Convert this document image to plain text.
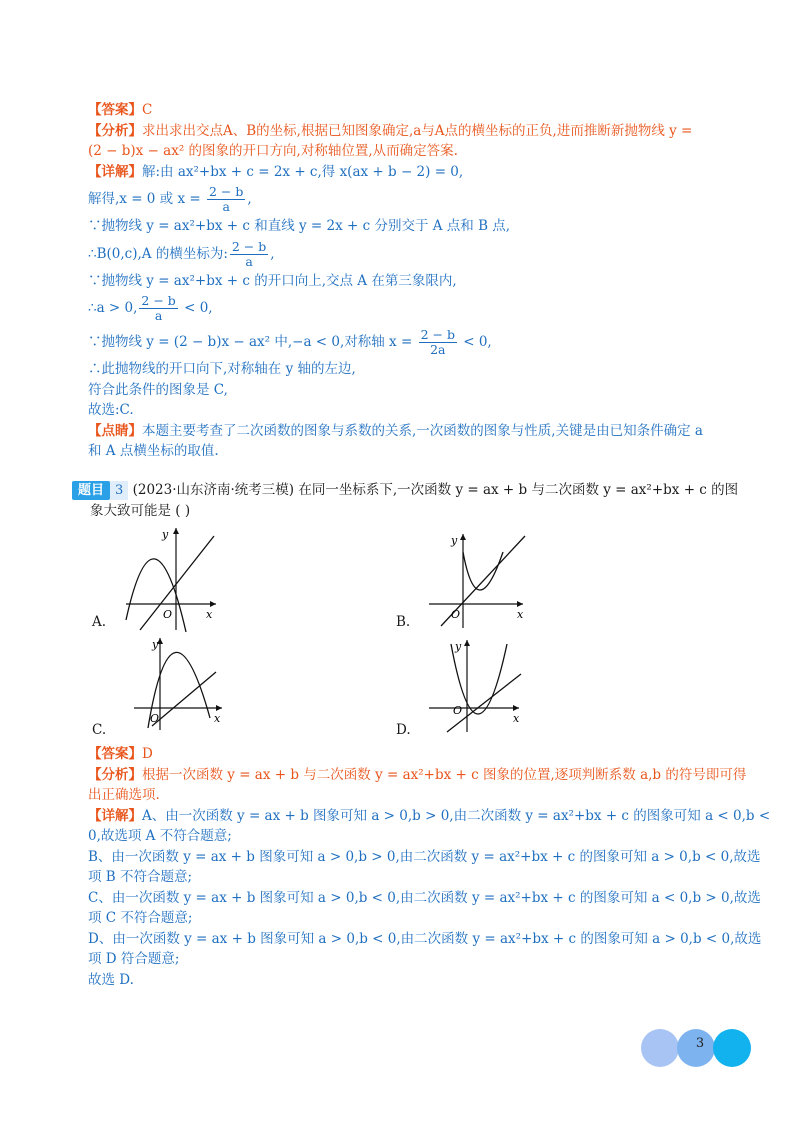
【答案】C
【分析】求出求出交点A、B的坐标,根据已知图象确定,a与A点的横坐标的正负,进而推断新抛物线 y =
(2 − b)x − ax² 的图象的开口方向,对称轴位置,从而确定答案.
【详解】解:由 ax²+bx + c = 2x + c,得 x(ax + b − 2) = 0,
解得,x = 0 或 $x = \frac{2 - b}{a}$ ,
∵抛物线 y = ax²+bx + c 和直线 y = 2x + c 分别交于 A 点和 B 点,
∴B(0,c),A 的横坐标为: $\frac{2 - b}{a}$ ,
∵抛物线 y = ax²+bx + c 的开口向上,交点 A 在第三象限内,
∴a > 0, $\frac{2 - b}{a} < 0$,
∵抛物线 y = (2 − b)x − ax² 中,−a < 0,对称轴 $x = \frac{2 - b}{2a} < 0$,
∴此抛物线的开口向下,对称轴在 y 轴的左边,
符合此条件的图象是 C,
故选:C.
【点睛】本题主要考查了二次函数的图象与系数的关系,一次函数的图象与性质,关键是由已知条件确定 a
和 A 点横坐标的取值.
题目 3 (2023·山东济南·统考三模) 在同一坐标系下,一次函数 y = ax + b 与二次函数 y = ax²+bx + c 的图
象大致可能是 ( )
y
x
O
A.
y
x
O
B.
y
x
O
C.
y
x
O
D.
【答案】D
【分析】根据一次函数 y = ax + b 与二次函数 y = ax²+bx + c 图象的位置,逐项判断系数 a,b 的符号即可得
出正确选项.
【详解】A、由一次函数 y = ax + b 图象可知 a > 0,b > 0,由二次函数 y = ax²+bx + c 的图象可知 a < 0,b <
0,故选项 A 不符合题意;
B、由一次函数 y = ax + b 图象可知 a > 0,b > 0,由二次函数 y = ax²+bx + c 的图象可知 a > 0,b < 0,故选
项 B 不符合题意;
C、由一次函数 y = ax + b 图象可知 a > 0,b < 0,由二次函数 y = ax²+bx + c 的图象可知 a < 0,b > 0,故选
项 C 不符合题意;
D、由一次函数 y = ax + b 图象可知 a > 0,b < 0,由二次函数 y = ax²+bx + c 的图象可知 a > 0,b < 0,故选
项 D 符合题意;
故选 D.
3
